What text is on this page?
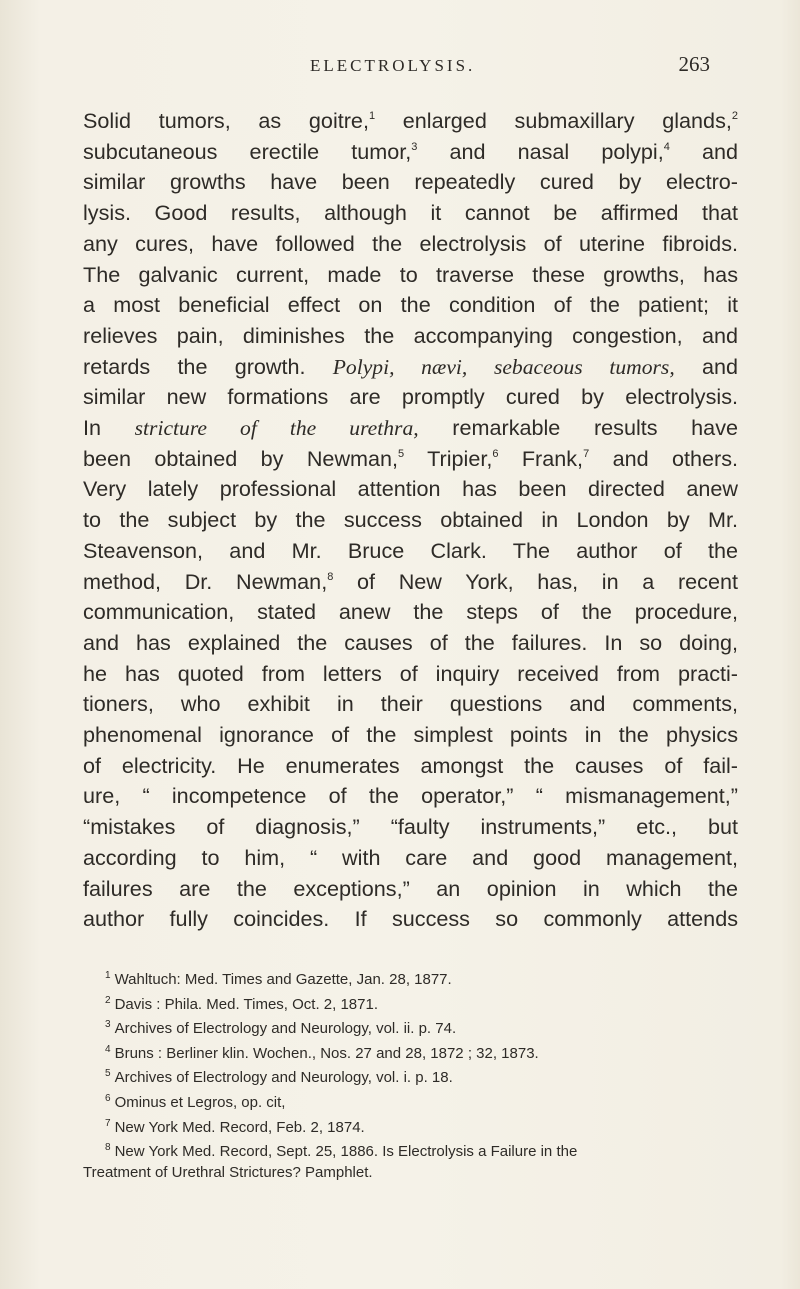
ELECTROLYSIS.	263
Solid tumors, as goitre,$^1$ enlarged submaxillary glands,$^2$
subcutaneous erectile tumor,$^3$ and nasal polypi,$^4$ and
similar growths have been repeatedly cured by electro-
lysis. Good results, although it cannot be affirmed that
any cures, have followed the electrolysis of uterine fibroids.
The galvanic current, made to traverse these growths, has
a most beneficial effect on the condition of the patient; it
relieves pain, diminishes the accompanying congestion, and
retards the growth. Polypi, nævi, sebaceous tumors, and
similar new formations are promptly cured by electrolysis.
In stricture of the urethra, remarkable results have
been obtained by Newman,$^5$ Tripier,$^6$ Frank,$^7$ and others.
Very lately professional attention has been directed anew
to the subject by the success obtained in London by Mr.
Steavenson, and Mr. Bruce Clark. The author of the
method, Dr. Newman,$^8$ of New York, has, in a recent
communication, stated anew the steps of the procedure,
and has explained the causes of the failures. In so doing,
he has quoted from letters of inquiry received from practi-
tioners, who exhibit in their questions and comments,
phenomenal ignorance of the simplest points in the physics
of electricity. He enumerates amongst the causes of fail-
ure, “ incompetence of the operator,” “ mismanagement,”
“mistakes of diagnosis,” “faulty instruments,” etc., but
according to him, “ with care and good management,
failures are the exceptions,” an opinion in which the
author fully coincides. If success so commonly attends
$^1$ Wahltuch: Med. Times and Gazette, Jan. 28, 1877.
$^2$ Davis : Phila. Med. Times, Oct. 2, 1871.
$^3$ Archives of Electrology and Neurology, vol. ii. p. 74.
$^4$ Bruns : Berliner klin. Wochen., Nos. 27 and 28, 1872 ; 32, 1873.
$^5$ Archives of Electrology and Neurology, vol. i. p. 18.
$^6$ Ominus et Legros, op. cit,
$^7$ New York Med. Record, Feb. 2, 1874.
$^8$ New York Med. Record, Sept. 25, 1886. Is Electrolysis a Failure in the
Treatment of Urethral Strictures? Pamphlet.
